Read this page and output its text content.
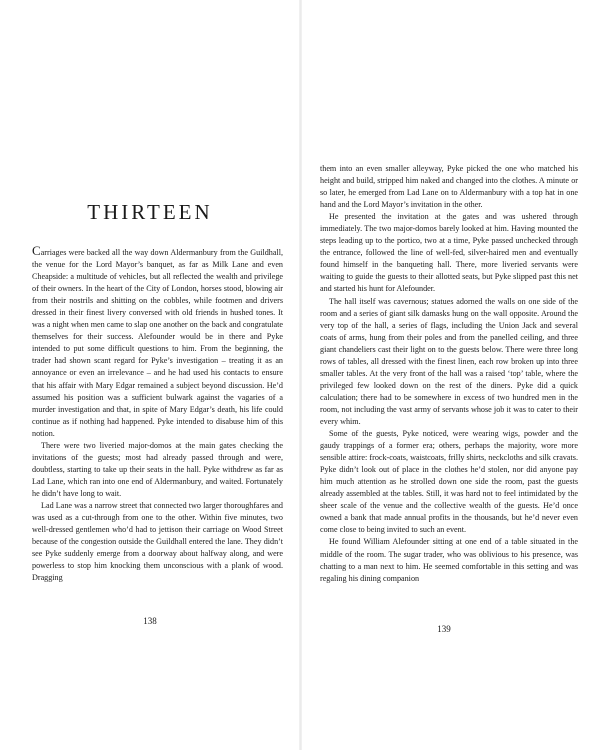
THIRTEEN

Carriages were backed all the way down Aldermanbury from the Guildhall, the venue for the Lord Mayor’s banquet, as far as Milk Lane and even Cheapside: a multitude of vehicles, but all reflected the wealth and privilege of their owners. In the heart of the City of London, horses stood, blowing air from their nostrils and shitting on the cobbles, while footmen and drivers dressed in their finest livery conversed with old friends in hushed tones. It was a night when men came to slap one another on the back and congratulate themselves for their success. Alefounder would be in there and Pyke intended to put some difficult questions to him. From the beginning, the trader had shown scant regard for Pyke’s investigation – treating it as an annoyance or even an irrelevance – and he had used his contacts to ensure that his affair with Mary Edgar remained a subject beyond discussion. He’d assumed his position was a sufficient bulwark against the vagaries of a murder investigation and that, in spite of Mary Edgar’s death, his life could continue as if nothing had happened. Pyke intended to disabuse him of this notion.

There were two liveried major-domos at the main gates checking the invitations of the guests; most had already passed through and were, doubtless, starting to take up their seats in the hall. Pyke withdrew as far as Lad Lane, which ran into one end of Aldermanbury, and waited. Fortunately he didn’t have long to wait.

Lad Lane was a narrow street that connected two larger thoroughfares and was used as a cut-through from one to the other. Within five minutes, two well-dressed gentlemen who’d had to jettison their carriage on Wood Street because of the congestion outside the Guildhall entered the lane. They didn’t see Pyke suddenly emerge from a doorway about halfway along, and were powerless to stop him knocking them unconscious with a plank of wood. Dragging

138

them into an even smaller alleyway, Pyke picked the one who matched his height and build, stripped him naked and changed into the clothes. A minute or so later, he emerged from Lad Lane on to Aldermanbury with a top hat in one hand and the Lord Mayor’s invitation in the other.

He presented the invitation at the gates and was ushered through immediately. The two major-domos barely looked at him. Having mounted the steps leading up to the portico, two at a time, Pyke passed unchecked through the entrance, followed the line of well-fed, silver-haired men and eventually found himself in the banqueting hall. There, more liveried servants were waiting to guide the guests to their allotted seats, but Pyke slipped past this net and started his hunt for Alefounder.

The hall itself was cavernous; statues adorned the walls on one side of the room and a series of giant silk damasks hung on the wall opposite. Around the very top of the hall, a series of flags, including the Union Jack and several coats of arms, hung from their poles and from the panelled ceiling, and three giant chandeliers cast their light on to the guests below. There were three long rows of tables, all dressed with the finest linen, each row broken up into three smaller tables. At the very front of the hall was a raised ‘top’ table, where the privileged few looked down on the rest of the diners. Pyke did a quick calculation; there had to be somewhere in excess of two hundred men in the room, not including the vast army of servants whose job it was to cater to their every whim.

Some of the guests, Pyke noticed, were wearing wigs, powder and the gaudy trappings of a former era; others, perhaps the majority, wore more sensible attire: frock-coats, waistcoats, frilly shirts, neckcloths and silk cravats. Pyke didn’t look out of place in the clothes he’d stolen, nor did anyone pay him much attention as he strolled down one side the room, past the guests already assembled at the tables. Still, it was hard not to feel intimidated by the sheer scale of the venue and the collective wealth of the guests. He’d once owned a bank that made annual profits in the thousands, but he’d never even come close to being invited to such an event.

He found William Alefounder sitting at one end of a table situated in the middle of the room. The sugar trader, who was oblivious to his presence, was chatting to a man next to him. He seemed comfortable in this setting and was regaling his dining companion

139
